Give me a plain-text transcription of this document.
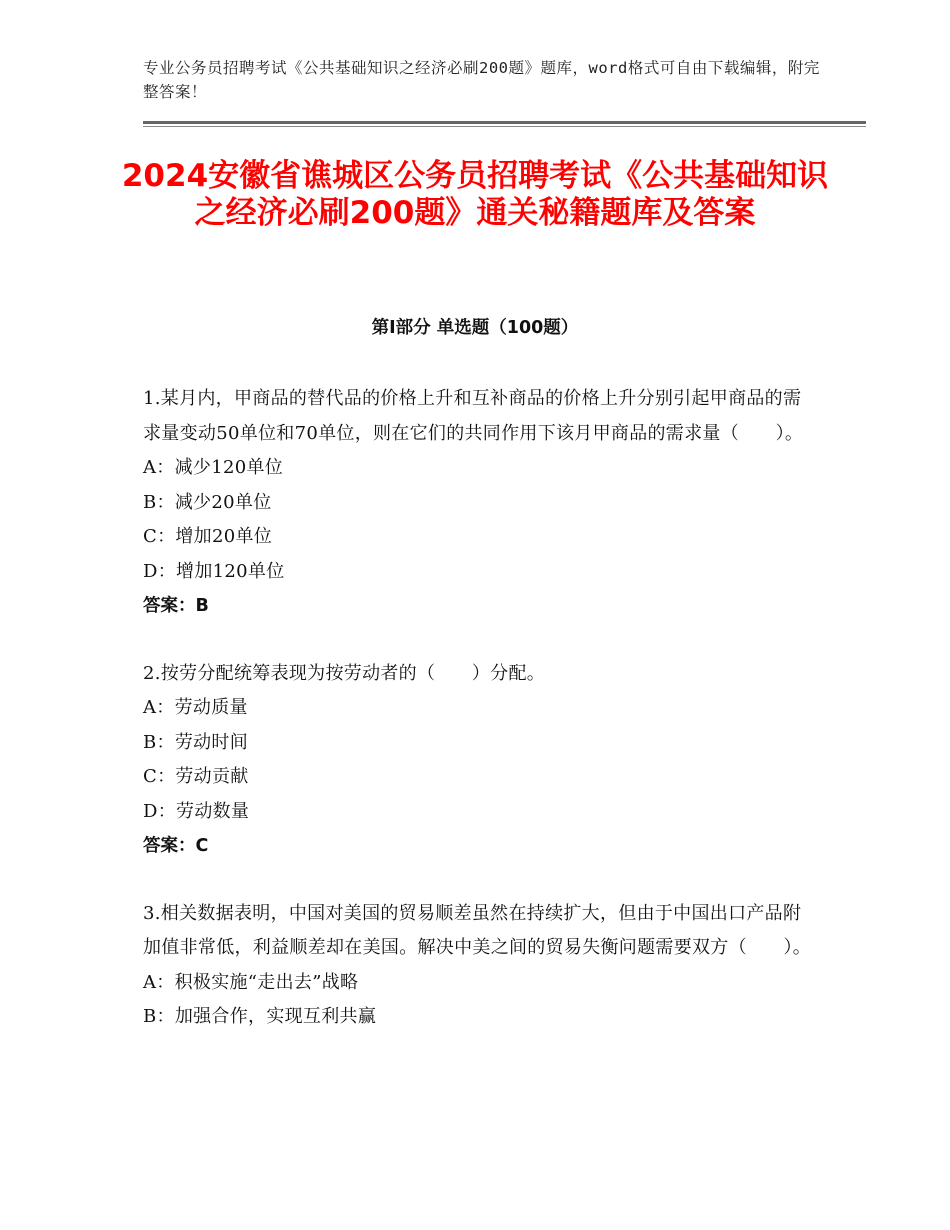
专业公务员招聘考试《公共基础知识之经济必刷200题》题库，word格式可自由下载编辑，附完整答案！
2024安徽省谯城区公务员招聘考试《公共基础知识之经济必刷200题》通关秘籍题库及答案
第Ⅰ部分 单选题（100题）

1.某月内，甲商品的替代品的价格上升和互补商品的价格上升分别引起甲商品的需求量变动50单位和70单位，则在它们的共同作用下该月甲商品的需求量（　　）。

A：减少120单位

B：减少20单位

C：增加20单位

D：增加120单位

答案：B

2.按劳分配统筹表现为按劳动者的（　　）分配。

A：劳动质量

B：劳动时间

C：劳动贡献

D：劳动数量

答案：C

3.相关数据表明，中国对美国的贸易顺差虽然在持续扩大，但由于中国出口产品附加值非常低，利益顺差却在美国。解决中美之间的贸易失衡问题需要双方（　　）。

A：积极实施“走出去”战略

B：加强合作，实现互利共赢
